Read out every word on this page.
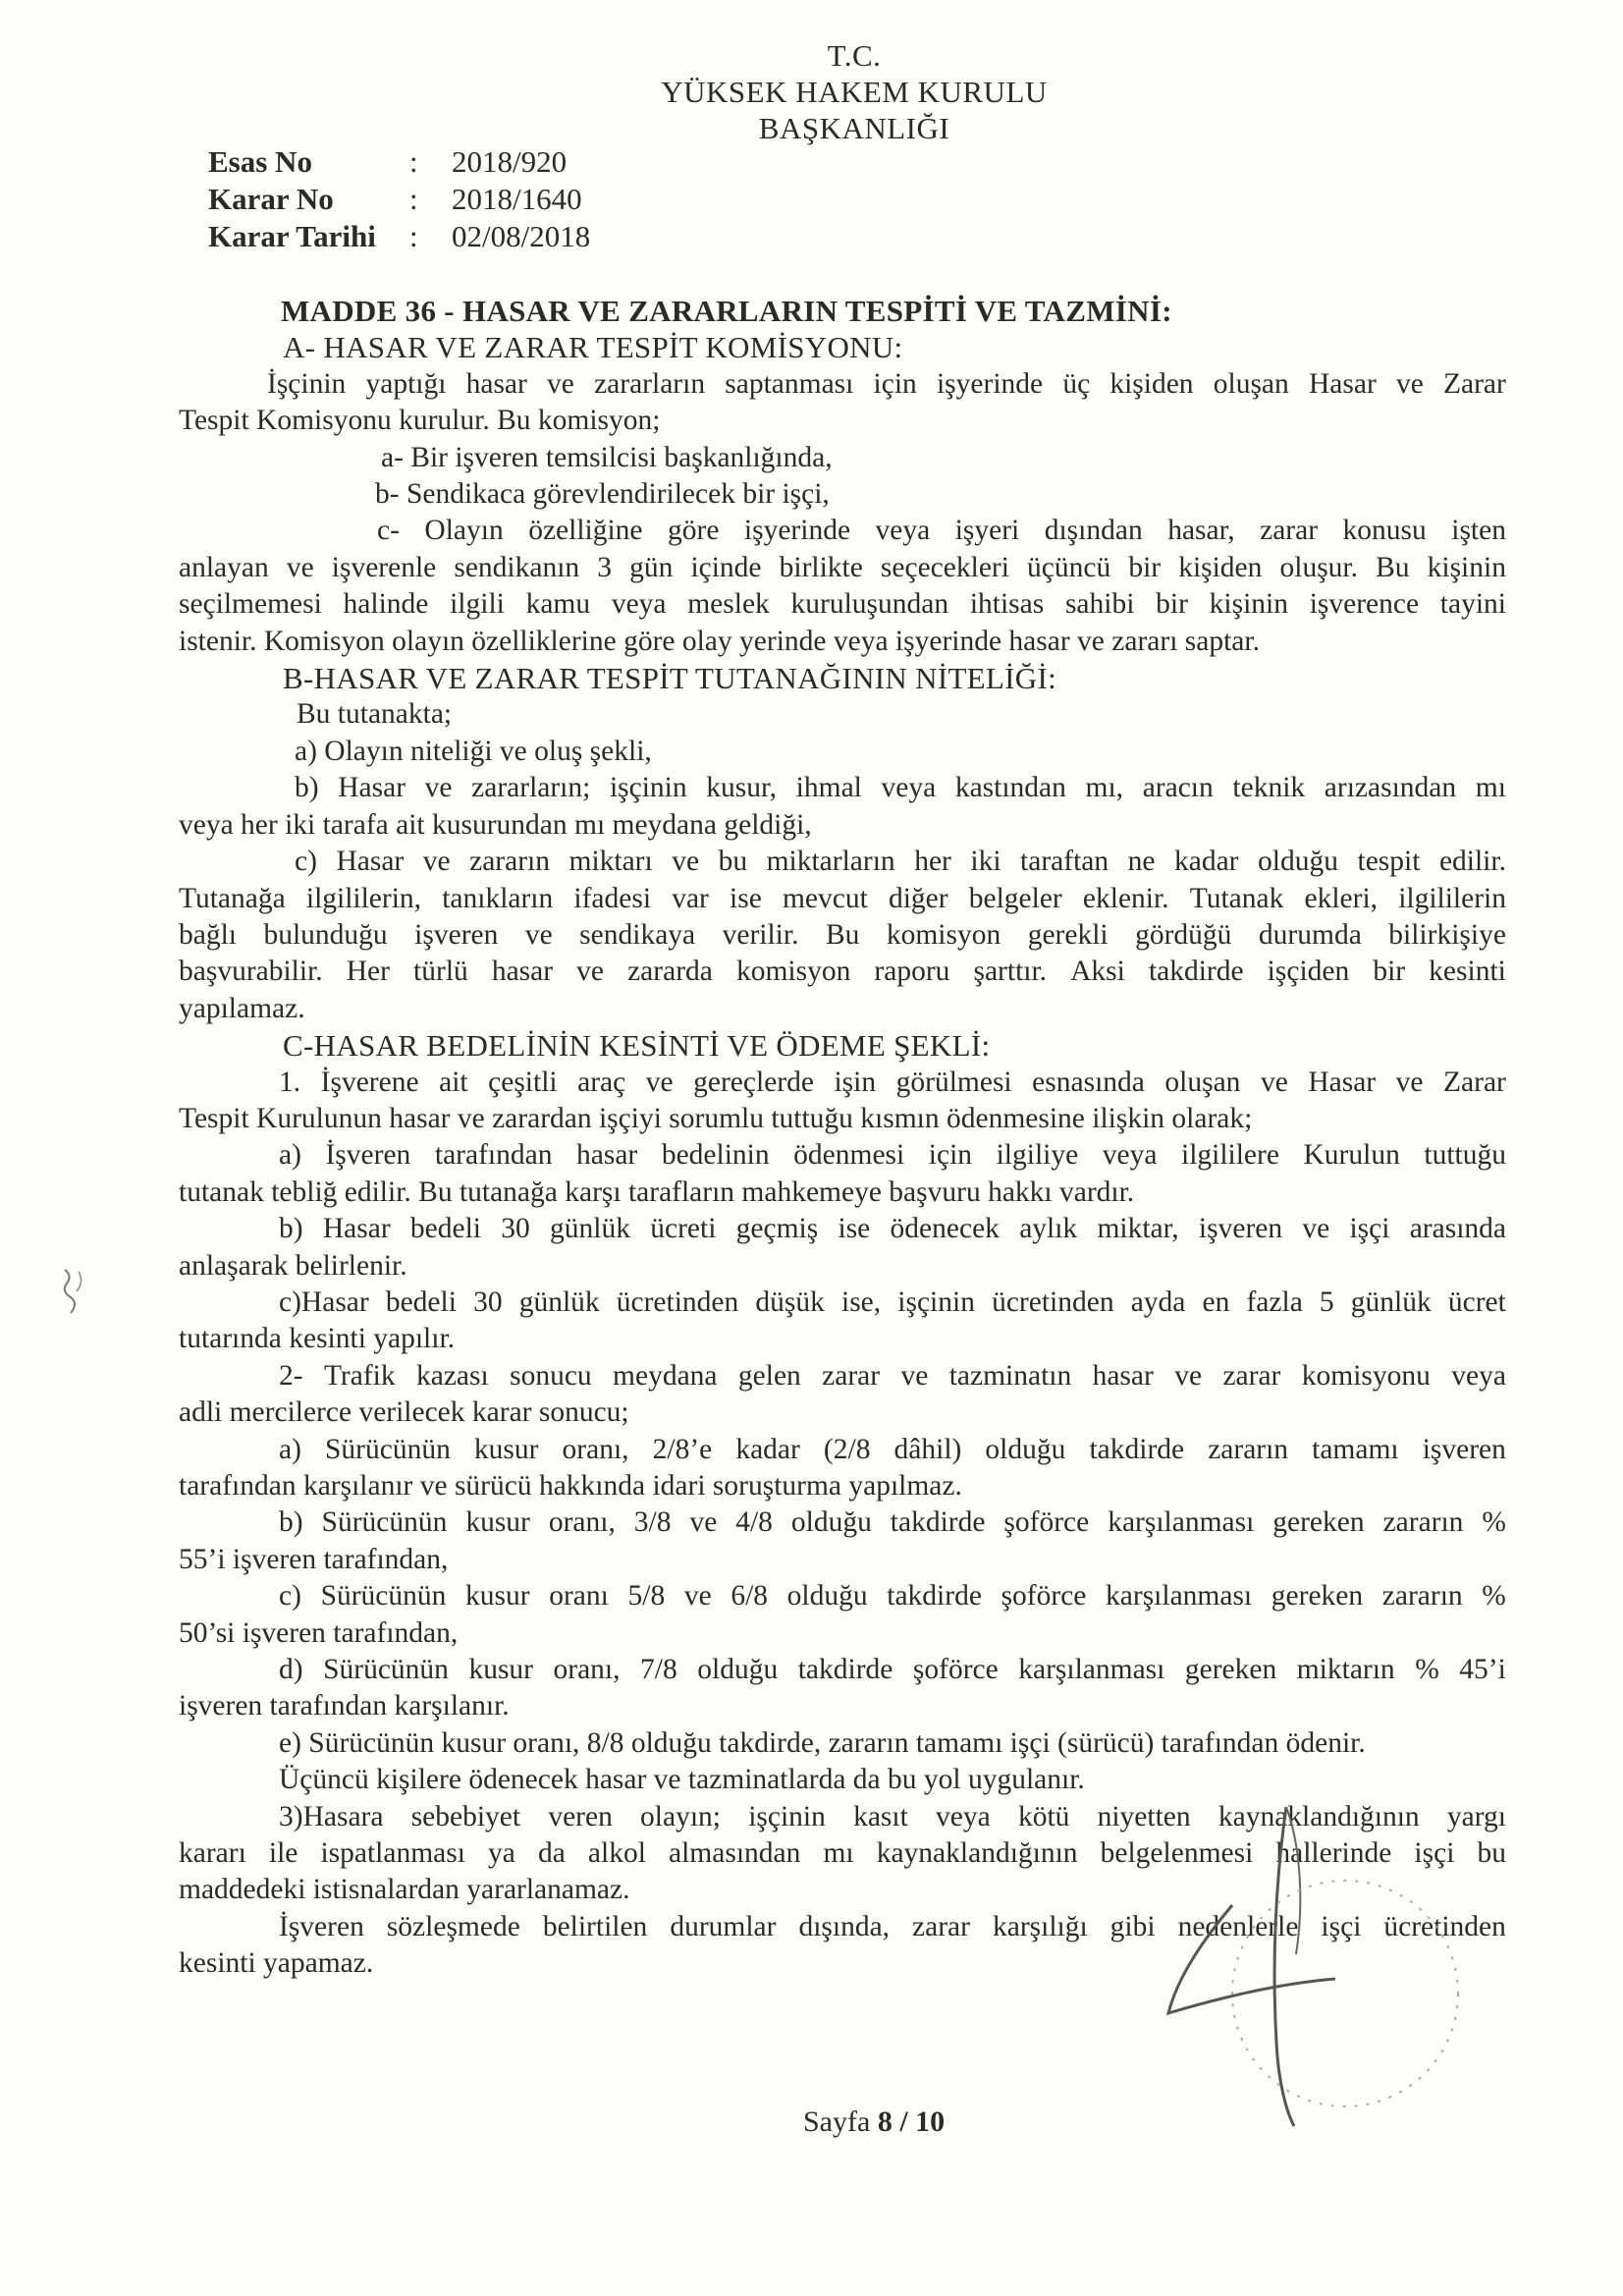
T.C.
YÜKSEK HAKEM KURULU
BAŞKANLIĞI
Esas No	:	2018/920
Karar No	:	2018/1640
Karar Tarihi	:	02/08/2018
MADDE 36 - HASAR VE ZARARLARIN TESPİTİ VE TAZMİNİ:
A- HASAR VE ZARAR TESPİT KOMİSYONU:
İşçinin yaptığı hasar ve zararların saptanması için işyerinde üç kişiden oluşan Hasar ve Zarar
Tespit Komisyonu kurulur. Bu komisyon;
a- Bir işveren temsilcisi başkanlığında,
b- Sendikaca görevlendirilecek bir işçi,
c- Olayın özelliğine göre işyerinde veya işyeri dışından hasar, zarar konusu işten
anlayan ve işverenle sendikanın 3 gün içinde birlikte seçecekleri üçüncü bir kişiden oluşur. Bu kişinin
seçilmemesi halinde ilgili kamu veya meslek kuruluşundan ihtisas sahibi bir kişinin işverence tayini
istenir. Komisyon olayın özelliklerine göre olay yerinde veya işyerinde hasar ve zararı saptar.
B-HASAR VE ZARAR TESPİT TUTANAĞININ NİTELİĞİ:
Bu tutanakta;
a) Olayın niteliği ve oluş şekli,
b) Hasar ve zararların; işçinin kusur, ihmal veya kastından mı, aracın teknik arızasından mı
veya her iki tarafa ait kusurundan mı meydana geldiği,
c) Hasar ve zararın miktarı ve bu miktarların her iki taraftan ne kadar olduğu tespit edilir.
Tutanağa ilgililerin, tanıkların ifadesi var ise mevcut diğer belgeler eklenir. Tutanak ekleri, ilgililerin
bağlı bulunduğu işveren ve sendikaya verilir. Bu komisyon gerekli gördüğü durumda bilirkişiye
başvurabilir. Her türlü hasar ve zararda komisyon raporu şarttır. Aksi takdirde işçiden bir kesinti
yapılamaz.
C-HASAR BEDELİNİN KESİNTİ VE ÖDEME ŞEKLİ:
1. İşverene ait çeşitli araç ve gereçlerde işin görülmesi esnasında oluşan ve Hasar ve Zarar
Tespit Kurulunun hasar ve zarardan işçiyi sorumlu tuttuğu kısmın ödenmesine ilişkin olarak;
a) İşveren tarafından hasar bedelinin ödenmesi için ilgiliye veya ilgililere Kurulun tuttuğu
tutanak tebliğ edilir. Bu tutanağa karşı tarafların mahkemeye başvuru hakkı vardır.
b) Hasar bedeli 30 günlük ücreti geçmiş ise ödenecek aylık miktar, işveren ve işçi arasında
anlaşarak belirlenir.
c)Hasar bedeli 30 günlük ücretinden düşük ise, işçinin ücretinden ayda en fazla 5 günlük ücret
tutarında kesinti yapılır.
2- Trafik kazası sonucu meydana gelen zarar ve tazminatın hasar ve zarar komisyonu veya
adli mercilerce verilecek karar sonucu;
a) Sürücünün kusur oranı, 2/8’e kadar (2/8 dâhil) olduğu takdirde zararın tamamı işveren
tarafından karşılanır ve sürücü hakkında idari soruşturma yapılmaz.
b) Sürücünün kusur oranı, 3/8 ve 4/8 olduğu takdirde şoförce karşılanması gereken zararın %
55’i işveren tarafından,
c) Sürücünün kusur oranı 5/8 ve 6/8 olduğu takdirde şoförce karşılanması gereken zararın %
50’si işveren tarafından,
d) Sürücünün kusur oranı, 7/8 olduğu takdirde şoförce karşılanması gereken miktarın % 45’i
işveren tarafından karşılanır.
e) Sürücünün kusur oranı, 8/8 olduğu takdirde, zararın tamamı işçi (sürücü) tarafından ödenir.
Üçüncü kişilere ödenecek hasar ve tazminatlarda da bu yol uygulanır.
3)Hasara sebebiyet veren olayın; işçinin kasıt veya kötü niyetten kaynaklandığının yargı
kararı ile ispatlanması ya da alkol almasından mı kaynaklandığının belgelenmesi hallerinde işçi bu
maddedeki istisnalardan yararlanamaz.
İşveren sözleşmede belirtilen durumlar dışında, zarar karşılığı gibi nedenlerle işçi ücretinden
kesinti yapamaz.
Sayfa 8 / 10
